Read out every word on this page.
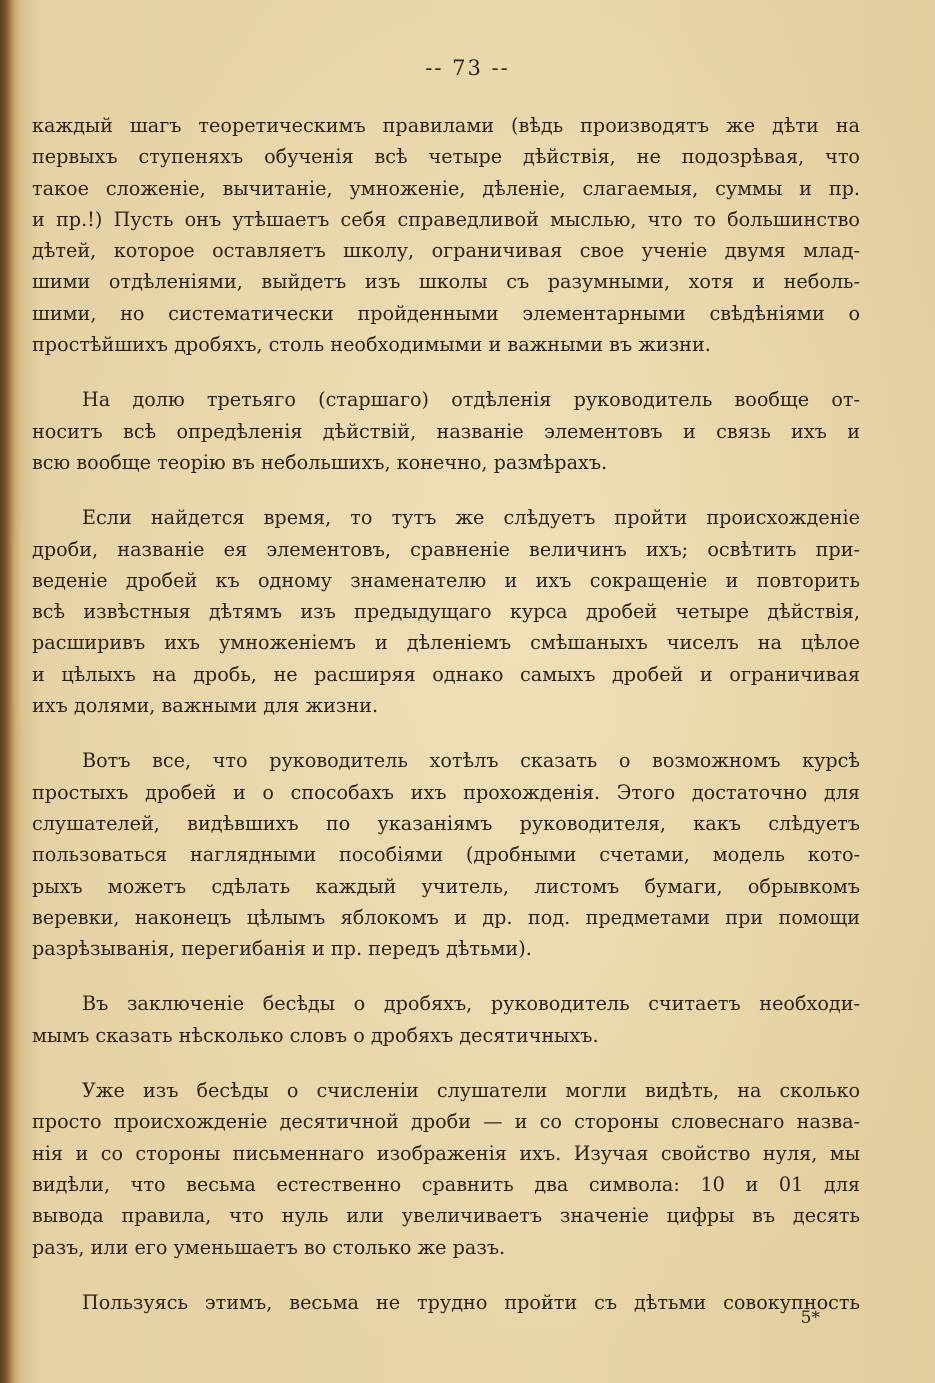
-- 73 --

каждый шагъ теоретическимъ правилами (вѣдь производятъ же дѣти на
первыхъ ступеняхъ обученія всѣ четыре дѣйствія, не подозрѣвая, что
такое сложеніе, вычитаніе, умноженіе, дѣленіе, слагаемыя, суммы и пр.
и пр.!) Пусть онъ утѣшаетъ себя справедливой мыслью, что то большинство
дѣтей, которое оставляетъ школу, ограничивая свое ученіе двумя млад-
шими отдѣленіями, выйдетъ изъ школы съ разумными, хотя и неболь-
шими, но систематически пройденными элементарными свѣдѣніями о
простѣйшихъ дробяхъ, столь необходимыми и важными въ жизни.

На долю третьяго (старшаго) отдѣленія руководитель вообще от-
носитъ всѣ опредѣленія дѣйствій, названіе элементовъ и связь ихъ и
всю вообще теорію въ небольшихъ, конечно, размѣрахъ.

Если найдется время, то тутъ же слѣдуетъ пройти происхожденіе
дроби, названіе ея элементовъ, сравненіе величинъ ихъ; освѣтить при-
веденіе дробей къ одному знаменателю и ихъ сокращеніе и повторить
всѣ извѣстныя дѣтямъ изъ предыдущаго курса дробей четыре дѣйствія,
расширивъ ихъ умноженіемъ и дѣленіемъ смѣшаныхъ чиселъ на цѣлое
и цѣлыхъ на дробь, не расширяя однако самыхъ дробей и ограничивая
ихъ долями, важными для жизни.

Вотъ все, что руководитель хотѣлъ сказать о возможномъ курсѣ
простыхъ дробей и о способахъ ихъ прохожденія. Этого достаточно для
слушателей, видѣвшихъ по указаніямъ руководителя, какъ слѣдуетъ
пользоваться наглядными пособіями (дробными счетами, модель кото-
рыхъ можетъ сдѣлать каждый учитель, листомъ бумаги, обрывкомъ
веревки, наконецъ цѣлымъ яблокомъ и др. под. предметами при помощи
разрѣзыванія, перегибанія и пр. передъ дѣтьми).

Въ заключеніе бесѣды о дробяхъ, руководитель считаетъ необходи-
мымъ сказать нѣсколько словъ о дробяхъ десятичныхъ.

Уже изъ бесѣды о счисленіи слушатели могли видѣть, на сколько
просто происхожденіе десятичной дроби — и со стороны словеснаго назва-
нія и со стороны письменнаго изображенія ихъ. Изучая свойство нуля, мы
видѣли, что весьма естественно сравнить два символа: 10 и 01 для
вывода правила, что нуль или увеличиваетъ значеніе цифры въ десять
разъ, или его уменьшаетъ во столько же разъ.

Пользуясь этимъ, весьма не трудно пройти съ дѣтьми совокупность

5*
